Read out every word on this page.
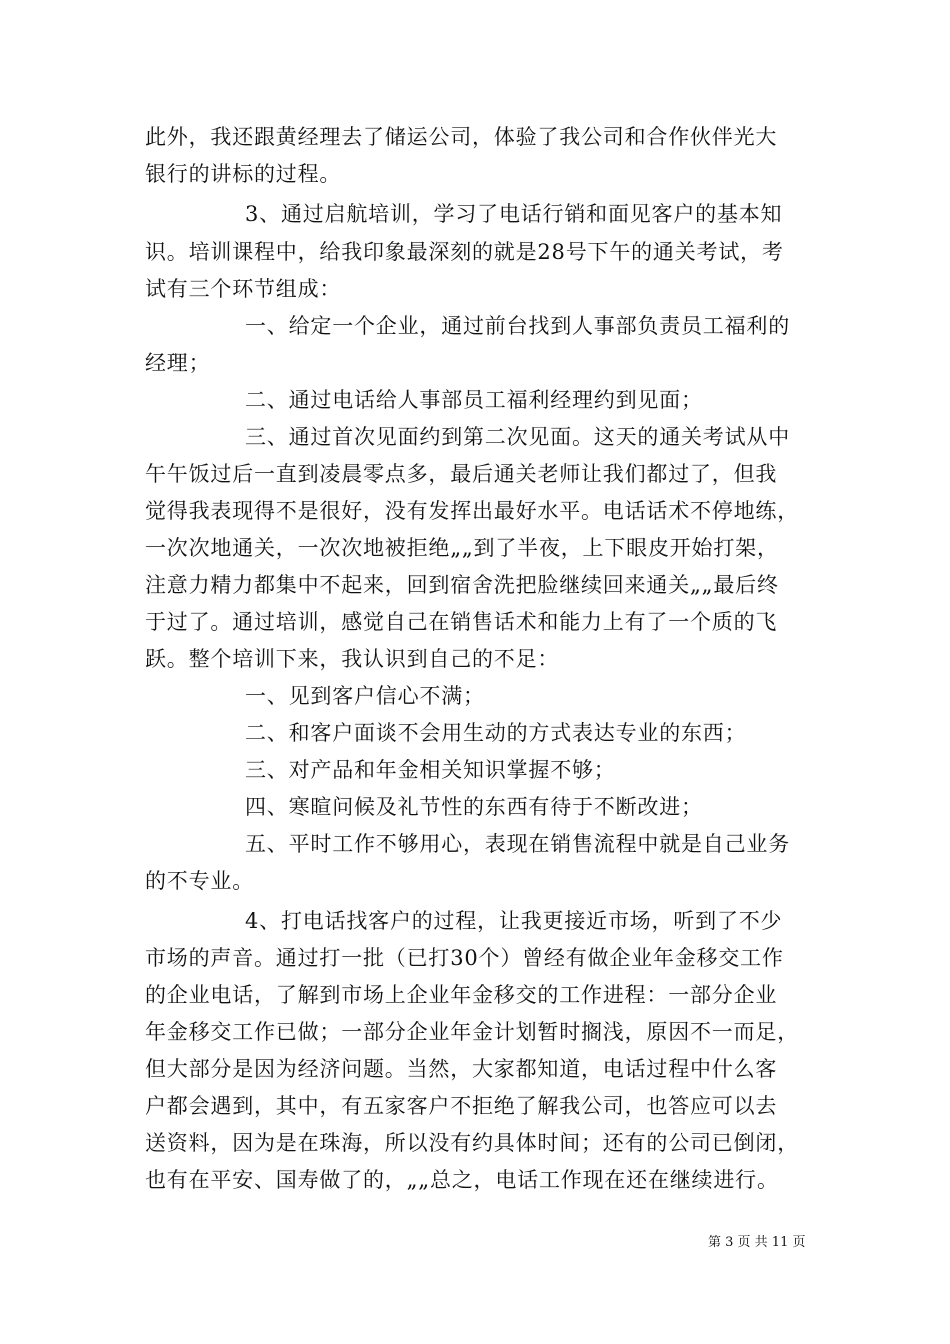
此外，我还跟黄经理去了储运公司，体验了我公司和合作伙伴光大
银行的讲标的过程。
3、通过启航培训，学习了电话行销和面见客户的基本知
识。培训课程中，给我印象最深刻的就是28号下午的通关考试，考
试有三个环节组成：
一、给定一个企业，通过前台找到人事部负责员工福利的
经理；
二、通过电话给人事部员工福利经理约到见面；
三、通过首次见面约到第二次见面。这天的通关考试从中
午午饭过后一直到凌晨零点多，最后通关老师让我们都过了，但我
觉得我表现得不是很好，没有发挥出最好水平。电话话术不停地练，
一次次地通关，一次次地被拒绝„„到了半夜，上下眼皮开始打架，
注意力精力都集中不起来，回到宿舍洗把脸继续回来通关„„最后终
于过了。通过培训，感觉自己在销售话术和能力上有了一个质的飞
跃。整个培训下来，我认识到自己的不足：
一、见到客户信心不满；
二、和客户面谈不会用生动的方式表达专业的东西；
三、对产品和年金相关知识掌握不够；
四、寒暄问候及礼节性的东西有待于不断改进；
五、平时工作不够用心，表现在销售流程中就是自己业务
的不专业。
4、打电话找客户的过程，让我更接近市场，听到了不少
市场的声音。通过打一批（已打30个）曾经有做企业年金移交工作
的企业电话，了解到市场上企业年金移交的工作进程：一部分企业
年金移交工作已做；一部分企业年金计划暂时搁浅，原因不一而足，
但大部分是因为经济问题。当然，大家都知道，电话过程中什么客
户都会遇到，其中，有五家客户不拒绝了解我公司，也答应可以去
送资料，因为是在珠海，所以没有约具体时间；还有的公司已倒闭，
也有在平安、国寿做了的，„„总之，电话工作现在还在继续进行。
第 3 页 共 11 页
